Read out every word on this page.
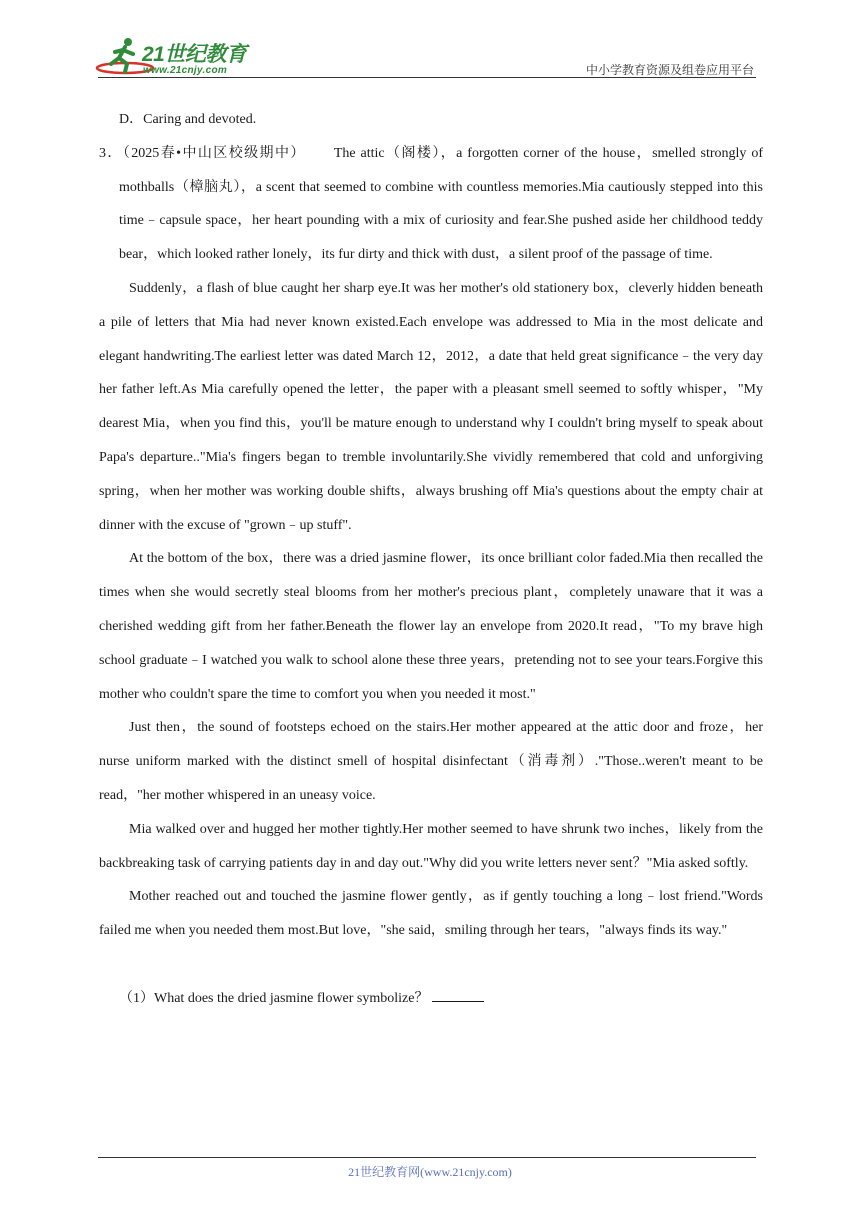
21世纪教育
www.21cnjy.com	中小学教育资源及组卷应用平台

D．Caring and devoted.

3．（2025春•中山区校级期中） The attic（阁楼），a forgotten corner of the house，smelled strongly of mothballs（樟脑丸），a scent that seemed to combine with countless memories.Mia cautiously stepped into this time﹣capsule space，her heart pounding with a mix of curiosity and fear.She pushed aside her childhood teddy bear，which looked rather lonely，its fur dirty and thick with dust，a silent proof of the passage of time.

Suddenly，a flash of blue caught her sharp eye.It was her mother's old stationery box，cleverly hidden beneath a pile of letters that Mia had never known existed.Each envelope was addressed to Mia in the most delicate and elegant handwriting.The earliest letter was dated March 12，2012，a date that held great significance﹣the very day her father left.As Mia carefully opened the letter，the paper with a pleasant smell seemed to softly whisper，"My dearest Mia，when you find this，you'll be mature enough to understand why I couldn't bring myself to speak about Papa's departure.."Mia's fingers began to tremble involuntarily.She vividly remembered that cold and unforgiving spring，when her mother was working double shifts，always brushing off Mia's questions about the empty chair at dinner with the excuse of "grown﹣up stuff".

At the bottom of the box，there was a dried jasmine flower，its once brilliant color faded.Mia then recalled the times when she would secretly steal blooms from her mother's precious plant，completely unaware that it was a cherished wedding gift from her father.Beneath the flower lay an envelope from 2020.It read，"To my brave high school graduate﹣I watched you walk to school alone these three years，pretending not to see your tears.Forgive this mother who couldn't spare the time to comfort you when you needed it most."

Just then，the sound of footsteps echoed on the stairs.Her mother appeared at the attic door and froze，her nurse uniform marked with the distinct smell of hospital disinfectant（消毒剂）."Those..weren't meant to be read，"her mother whispered in an uneasy voice.

Mia walked over and hugged her mother tightly.Her mother seemed to have shrunk two inches，likely from the backbreaking task of carrying patients day in and day out."Why did you write letters never sent？"Mia asked softly.

Mother reached out and touched the jasmine flower gently，as if gently touching a long﹣lost friend."Words failed me when you needed them most.But love，"she said，smiling through her tears，"always finds its way."

（1）What does the dried jasmine flower symbolize？

21世纪教育网(www.21cnjy.com)
